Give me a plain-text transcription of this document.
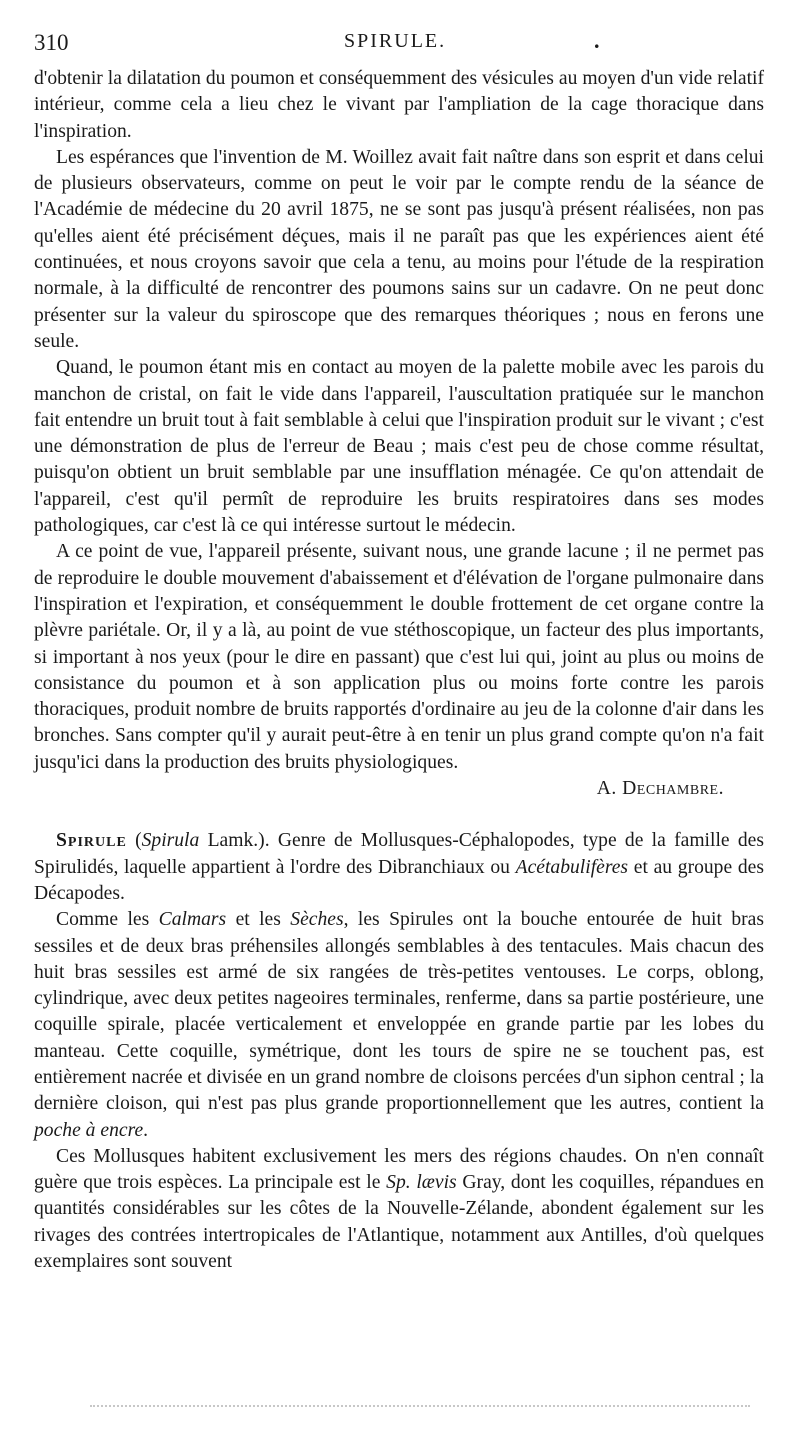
310	SPIRULE.	.

d'obtenir la dilatation du poumon et conséquemment des vésicules au moyen d'un vide relatif intérieur, comme cela a lieu chez le vivant par l'ampliation de la cage thoracique dans l'inspiration.

Les espérances que l'invention de M. Woillez avait fait naître dans son esprit et dans celui de plusieurs observateurs, comme on peut le voir par le compte rendu de la séance de l'Académie de médecine du 20 avril 1875, ne se sont pas jusqu'à présent réalisées, non pas qu'elles aient été précisément déçues, mais il ne paraît pas que les expériences aient été continuées, et nous croyons savoir que cela a tenu, au moins pour l'étude de la respiration normale, à la difficulté de rencontrer des poumons sains sur un cadavre. On ne peut donc présenter sur la valeur du spiroscope que des remarques théoriques ; nous en ferons une seule.

Quand, le poumon étant mis en contact au moyen de la palette mobile avec les parois du manchon de cristal, on fait le vide dans l'appareil, l'auscultation pratiquée sur le manchon fait entendre un bruit tout à fait semblable à celui que l'inspiration produit sur le vivant ; c'est une démonstration de plus de l'erreur de Beau ; mais c'est peu de chose comme résultat, puisqu'on obtient un bruit semblable par une insufflation ménagée. Ce qu'on attendait de l'appareil, c'est qu'il permît de reproduire les bruits respiratoires dans ses modes pathologiques, car c'est là ce qui intéresse surtout le médecin.

A ce point de vue, l'appareil présente, suivant nous, une grande lacune ; il ne permet pas de reproduire le double mouvement d'abaissement et d'élévation de l'organe pulmonaire dans l'inspiration et l'expiration, et conséquemment le double frottement de cet organe contre la plèvre pariétale. Or, il y a là, au point de vue stéthoscopique, un facteur des plus importants, si important à nos yeux (pour le dire en passant) que c'est lui qui, joint au plus ou moins de consistance du poumon et à son application plus ou moins forte contre les parois thoraciques, produit nombre de bruits rapportés d'ordinaire au jeu de la colonne d'air dans les bronches. Sans compter qu'il y aurait peut-être à en tenir un plus grand compte qu'on n'a fait jusqu'ici dans la production des bruits physiologiques.
A. Dechambre.

Spirule (Spirula Lamk.). Genre de Mollusques-Céphalopodes, type de la famille des Spirulidés, laquelle appartient à l'ordre des Dibranchiaux ou Acétabulifères et au groupe des Décapodes.

Comme les Calmars et les Sèches, les Spirules ont la bouche entourée de huit bras sessiles et de deux bras préhensiles allongés semblables à des tentacules. Mais chacun des huit bras sessiles est armé de six rangées de très-petites ventouses. Le corps, oblong, cylindrique, avec deux petites nageoires terminales, renferme, dans sa partie postérieure, une coquille spirale, placée verticalement et enveloppée en grande partie par les lobes du manteau. Cette coquille, symétrique, dont les tours de spire ne se touchent pas, est entièrement nacrée et divisée en un grand nombre de cloisons percées d'un siphon central ; la dernière cloison, qui n'est pas plus grande proportionnellement que les autres, contient la poche à encre.

Ces Mollusques habitent exclusivement les mers des régions chaudes. On n'en connaît guère que trois espèces. La principale est le Sp. lævis Gray, dont les coquilles, répandues en quantités considérables sur les côtes de la Nouvelle-Zélande, abondent également sur les rivages des contrées intertropicales de l'Atlantique, notamment aux Antilles, d'où quelques exemplaires sont souvent
